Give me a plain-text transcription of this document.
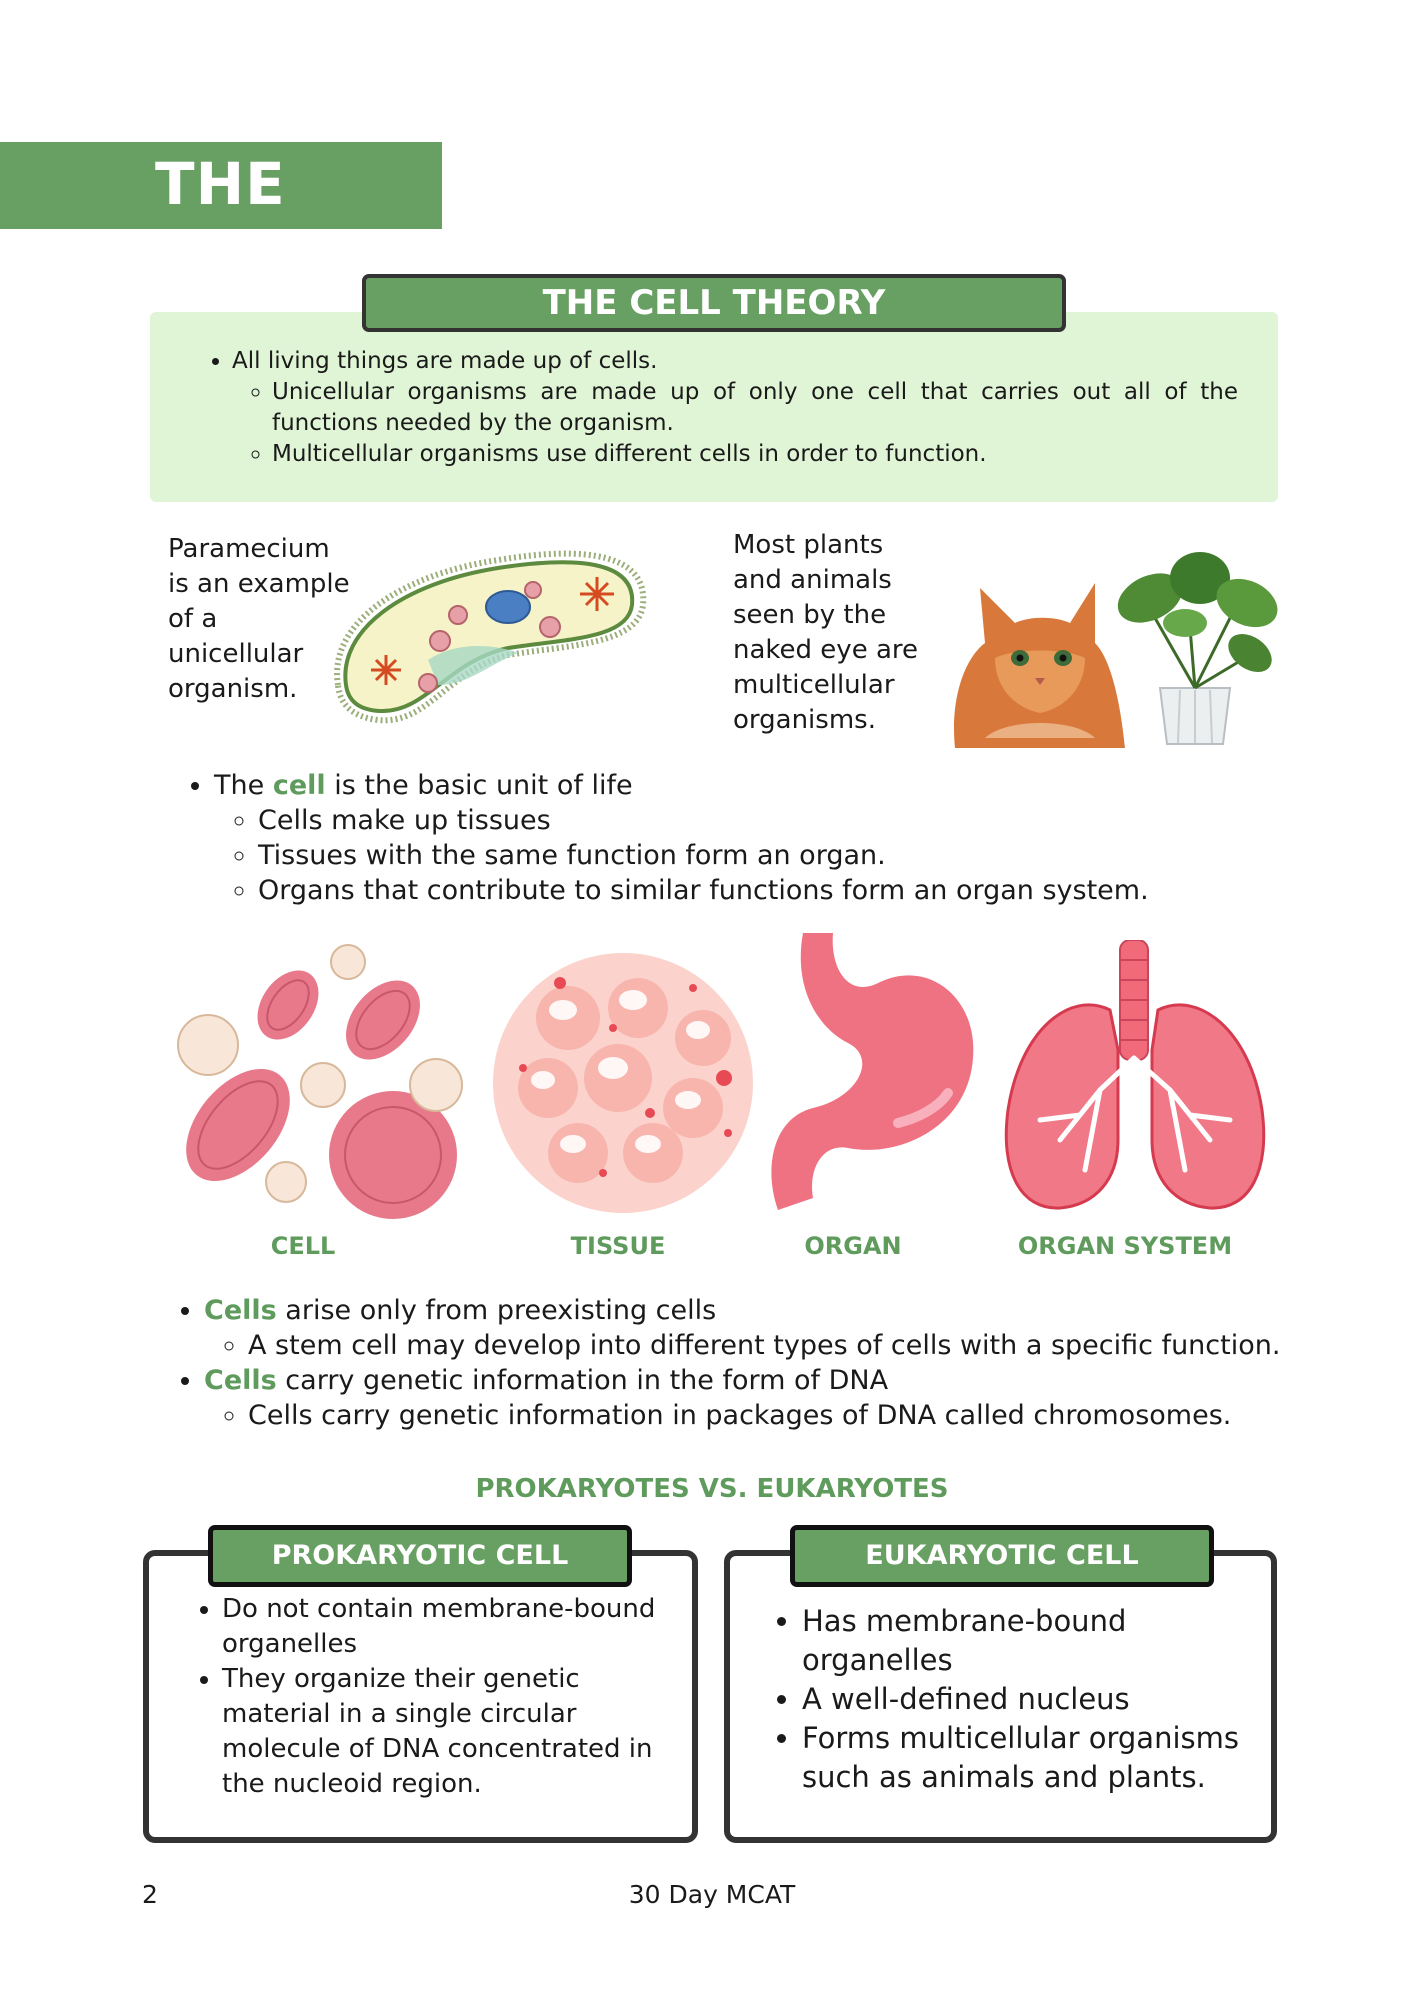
THE CELL
THE CELL THEORY
• All living things are made up of cells.
◦ Unicellular organisms are made up of only one cell that carries out all of the functions needed by the organism.
◦ Multicellular organisms use different cells in order to function.
Paramecium is an example of a unicellular organism.
Most plants and animals seen by the naked eye are multicellular organisms.
• The cell is the basic unit of life
◦ Cells make up tissues
◦ Tissues with the same function form an organ.
◦ Organs that contribute to similar functions form an organ system.
CELL	TISSUE	ORGAN	ORGAN SYSTEM
• Cells arise only from preexisting cells
◦ A stem cell may develop into different types of cells with a specific function.
• Cells carry genetic information in the form of DNA
◦ Cells carry genetic information in packages of DNA called chromosomes.
PROKARYOTES VS. EUKARYOTES
PROKARYOTIC CELL
• Do not contain membrane-bound organelles
• They organize their genetic material in a single circular molecule of DNA concentrated in the nucleoid region.
EUKARYOTIC CELL
• Has membrane-bound organelles
• A well-defined nucleus
• Forms multicellular organisms such as animals and plants.
2	30 Day MCAT
